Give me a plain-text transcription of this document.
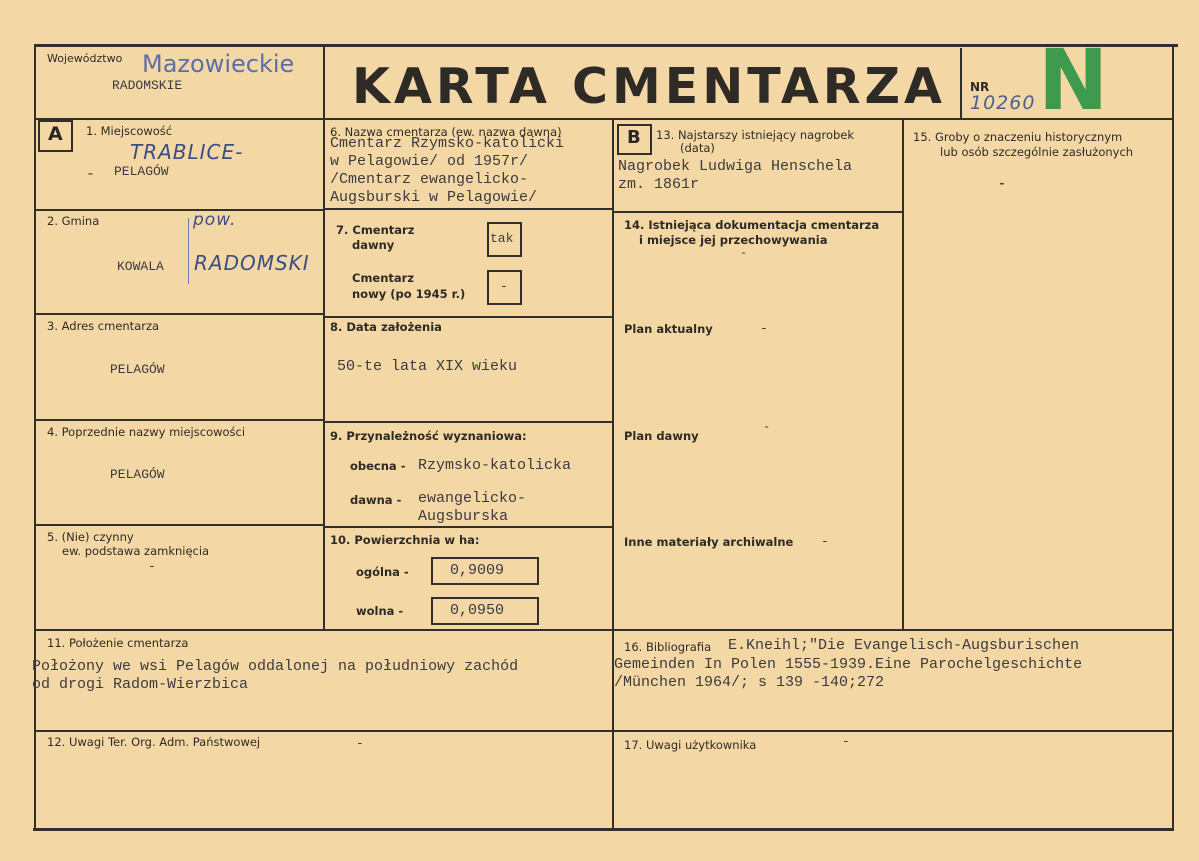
Województwo Mazowieckie
RADOMSKIE	KARTA CMENTARZA NR
10260 N
A 1. Miejscowość
TRABLICE-
- PELAGÓW
2. Gmina	pow.
KOWALA RADOMSKI
3. Adres cmentarza
PELAGÓW
4. Poprzednie nazwy miejscowości
PELAGÓW
5. (Nie) czynny
ew. podstawa zamknięcia
-
6. Nazwa cmentarza (ew. nazwa dawna)
Cmentarz Rzymsko-katolicki
w Pelagowie/ od 1957r/
/Cmentarz ewangelicko-
Augsburski w Pelagowie/
7. Cmentarz
dawny	tak
Cmentarz
nowy (po 1945 r.)	-
8. Data założenia
50-te lata XIX wieku
9. Przynależność wyznaniowa:
obecna - Rzymsko-katolicka
dawna - ewangelicko-
Augsburska
10. Powierzchnia w ha:
ogólna -	0,9009
wolna -	0,0950
B 13. Najstarszy istniejący nagrobek
(data)
Nagrobek Ludwiga Henschela
zm. 1861r
14. Istniejąca dokumentacja cmentarza
i miejsce jej przechowywania
-
Plan aktualny	-
Plan dawny
-
Inne materiały archiwalne -
15. Groby o znaczeniu historycznym
lub osób szczególnie zasłużonych
-
11. Położenie cmentarza
Położony we wsi Pelagów oddalonej na południowy zachód
od drogi Radom-Wierzbica
12. Uwagi Ter. Org. Adm. Państwowej	-
16. Bibliografia E.Kneihl;"Die Evangelisch-Augsburischen
Gemeinden In Polen 1555-1939.Eine Parochelgeschichte
/München 1964/; s 139 -140;272
17. Uwagi użytkownika	-
